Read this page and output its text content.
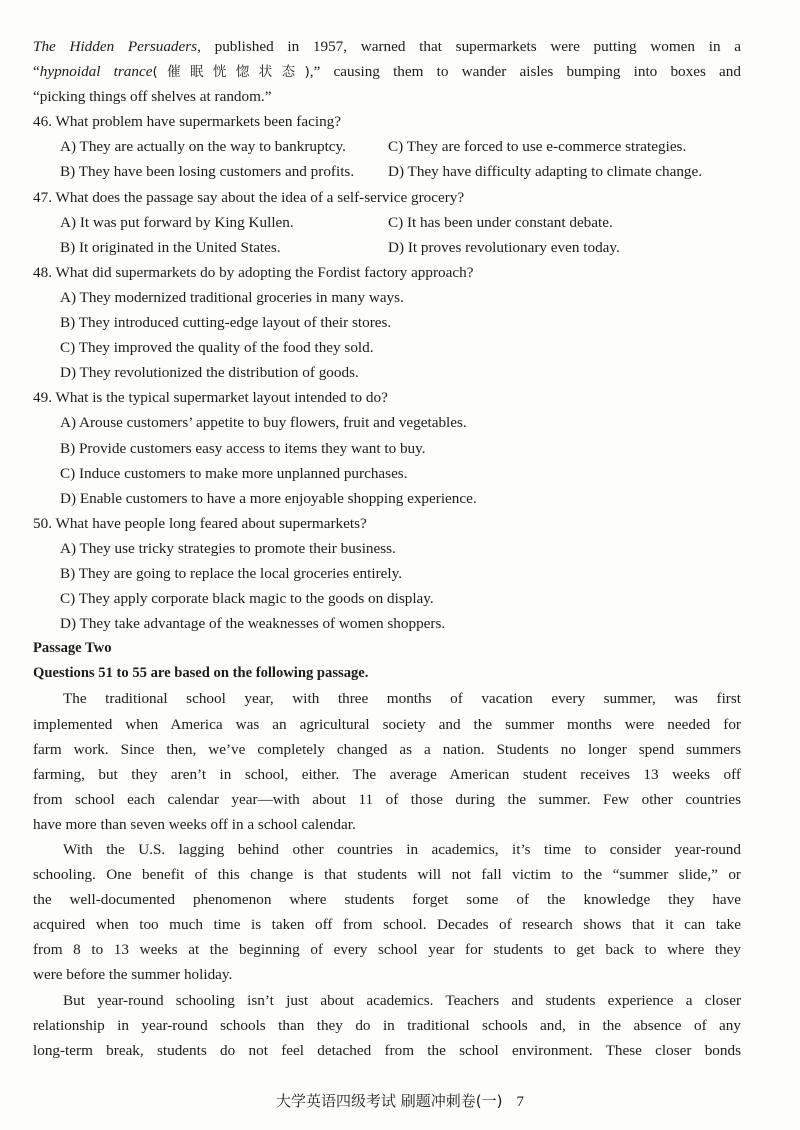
The Hidden Persuaders, published in 1957, warned that supermarkets were putting women in a
“hypnoidal trance(催眠恍惚状态),” causing them to wander aisles bumping into boxes and
“picking things off shelves at random.”
46. What problem have supermarkets been facing?
A) They are actually on the way to bankruptcy.	C) They are forced to use e-commerce strategies.
B) They have been losing customers and profits.	D) They have difficulty adapting to climate change.
47. What does the passage say about the idea of a self-service grocery?
A) It was put forward by King Kullen.	C) It has been under constant debate.
B) It originated in the United States.	D) It proves revolutionary even today.
48. What did supermarkets do by adopting the Fordist factory approach?
A) They modernized traditional groceries in many ways.
B) They introduced cutting-edge layout of their stores.
C) They improved the quality of the food they sold.
D) They revolutionized the distribution of goods.
49. What is the typical supermarket layout intended to do?
A) Arouse customers’ appetite to buy flowers, fruit and vegetables.
B) Provide customers easy access to items they want to buy.
C) Induce customers to make more unplanned purchases.
D) Enable customers to have a more enjoyable shopping experience.
50. What have people long feared about supermarkets?
A) They use tricky strategies to promote their business.
B) They are going to replace the local groceries entirely.
C) They apply corporate black magic to the goods on display.
D) They take advantage of the weaknesses of women shoppers.
Passage Two
Questions 51 to 55 are based on the following passage.
The traditional school year, with three months of vacation every summer, was first
implemented when America was an agricultural society and the summer months were needed for
farm work. Since then, we’ve completely changed as a nation. Students no longer spend summers
farming, but they aren’t in school, either. The average American student receives 13 weeks off
from school each calendar year—with about 11 of those during the summer. Few other countries
have more than seven weeks off in a school calendar.
With the U.S. lagging behind other countries in academics, it’s time to consider year-round
schooling. One benefit of this change is that students will not fall victim to the “summer slide,” or
the well-documented phenomenon where students forget some of the knowledge they have
acquired when too much time is taken off from school. Decades of research shows that it can take
from 8 to 13 weeks at the beginning of every school year for students to get back to where they
were before the summer holiday.
But year-round schooling isn’t just about academics. Teachers and students experience a closer
relationship in year-round schools than they do in traditional schools and, in the absence of any
long-term break, students do not feel detached from the school environment. These closer bonds
大学英语四级考试 刷题冲刺卷(一) 7
